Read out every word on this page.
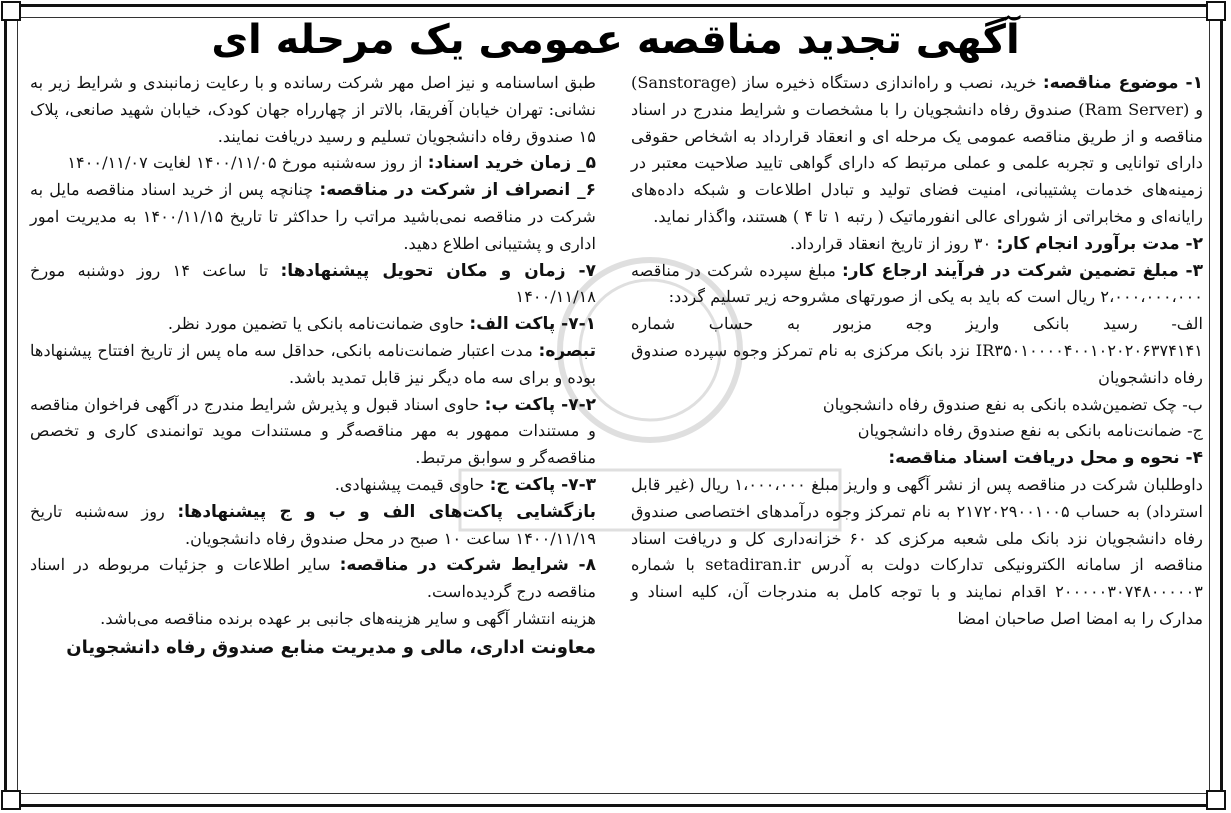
آگهی تجدید مناقصه عمومی یک مرحله ای

۱- موضوع مناقصه: خرید، نصب و راه‌اندازی دستگاه ذخیره ساز (Sanstorage) و (Ram Server) صندوق رفاه دانشجویان را با مشخصات و شرایط مندرج در اسناد مناقصه و از طریق مناقصه عمومی یک مرحله ای و انعقاد قرارداد به اشخاص حقوقی دارای توانایی و تجربه علمی و عملی مرتبط که دارای گواهی تایید صلاحیت معتبر در زمینه‌های خدمات پشتیبانی، امنیت فضای تولید و تبادل اطلاعات و شبکه داده‌های رایانه‌ای و مخابراتی از شورای عالی انفورماتیک ( رتبه ۱ تا ۴ ) هستند، واگذار نماید.

۲- مدت برآورد انجام کار: ۳۰ روز از تاریخ انعقاد قرارداد.

۳- مبلغ تضمین شرکت در فرآیند ارجاع کار: مبلغ سپرده شرکت در مناقصه ۲،۰۰۰،۰۰۰،۰۰۰ ریال است که باید به یکی از صورتهای مشروحه زیر تسلیم گردد:

الف- رسید بانکی واریز وجه مزبور به حساب شماره IR۳۵۰۱۰۰۰۰۴۰۰۱۰۲۰۲۰۶۳۷۴۱۴۱ نزد بانک مرکزی به نام تمرکز وجوه سپرده صندوق رفاه دانشجویان

ب- چک تضمین‌شده بانکی به نفع صندوق رفاه دانشجویان

ج- ضمانت‌نامه بانکی به نفع صندوق رفاه دانشجویان

۴- نحوه و محل دریافت اسناد مناقصه:

داوطلبان شرکت در مناقصه پس از نشر آگهی و واریز مبلغ ۱،۰۰۰،۰۰۰ ریال (غیر قابل استرداد) به حساب ۲۱۷۲۰۲۹۰۰۱۰۰۵ به نام تمرکز وجوه درآمدهای اختصاصی صندوق رفاه دانشجویان نزد بانک ملی شعبه مرکزی کد ۶۰ خزانه‌داری کل و دریافت اسناد مناقصه از سامانه الکترونیکی تدارکات دولت به آدرس setadiran.ir با شماره ۲۰۰۰۰۰۳۰۷۴۸۰۰۰۰۰۳ اقدام نمایند و با توجه کامل به مندرجات آن، کلیه اسناد و مدارک را به امضا اصل صاحبان امضا

طبق اساسنامه و نیز اصل مهر شرکت رسانده و با رعایت زمانبندی و شرایط زیر به نشانی: تهران خیابان آفریقا، بالاتر از چهارراه جهان کودک، خیابان شهید صانعی، پلاک ۱۵ صندوق رفاه دانشجویان تسلیم و رسید دریافت نمایند.

۵_ زمان خرید اسناد: از روز سه‌شنبه مورخ ۱۴۰۰/۱۱/۰۵ لغایت ۱۴۰۰/۱۱/۰۷

۶_ انصراف از شرکت در مناقصه: چنانچه پس از خرید اسناد مناقصه مایل به شرکت در مناقصه نمی‌باشید مراتب را حداکثر تا تاریخ ۱۴۰۰/۱۱/۱۵ به مدیریت امور اداری و پشتیبانی اطلاع دهید.

۷- زمان و مکان تحویل پیشنهادها: تا ساعت ۱۴ روز دوشنبه مورخ ۱۴۰۰/۱۱/۱۸

۷-۱- پاکت الف: حاوی ضمانت‌نامه بانکی یا تضمین مورد نظر.

تبصره: مدت اعتبار ضمانت‌نامه بانکی، حداقل سه ماه پس از تاریخ افتتاح پیشنهادها بوده و برای سه ماه دیگر نیز قابل تمدید باشد.

۷-۲- پاکت ب: حاوی اسناد قبول و پذیرش شرایط مندرج در آگهی فراخوان مناقصه و مستندات ممهور به مهر مناقصه‌گر و مستندات موید توانمندی کاری و تخصص مناقصه‌گر و سوابق مرتبط.

۷-۳- پاکت ج: حاوی قیمت پیشنهادی.

بازگشایی پاکت‌های الف و ب و ج پیشنهادها: روز سه‌شنبه تاریخ ۱۴۰۰/۱۱/۱۹ ساعت ۱۰ صبح در محل صندوق رفاه دانشجویان.

۸- شرایط شرکت در مناقصه: سایر اطلاعات و جزئیات مربوطه در اسناد مناقصه درج گردیده‌است.

هزینه انتشار آگهی و سایر هزینه‌های جانبی بر عهده برنده مناقصه می‌باشد.

معاونت اداری، مالی و مدیریت منابع صندوق رفاه دانشجویان
